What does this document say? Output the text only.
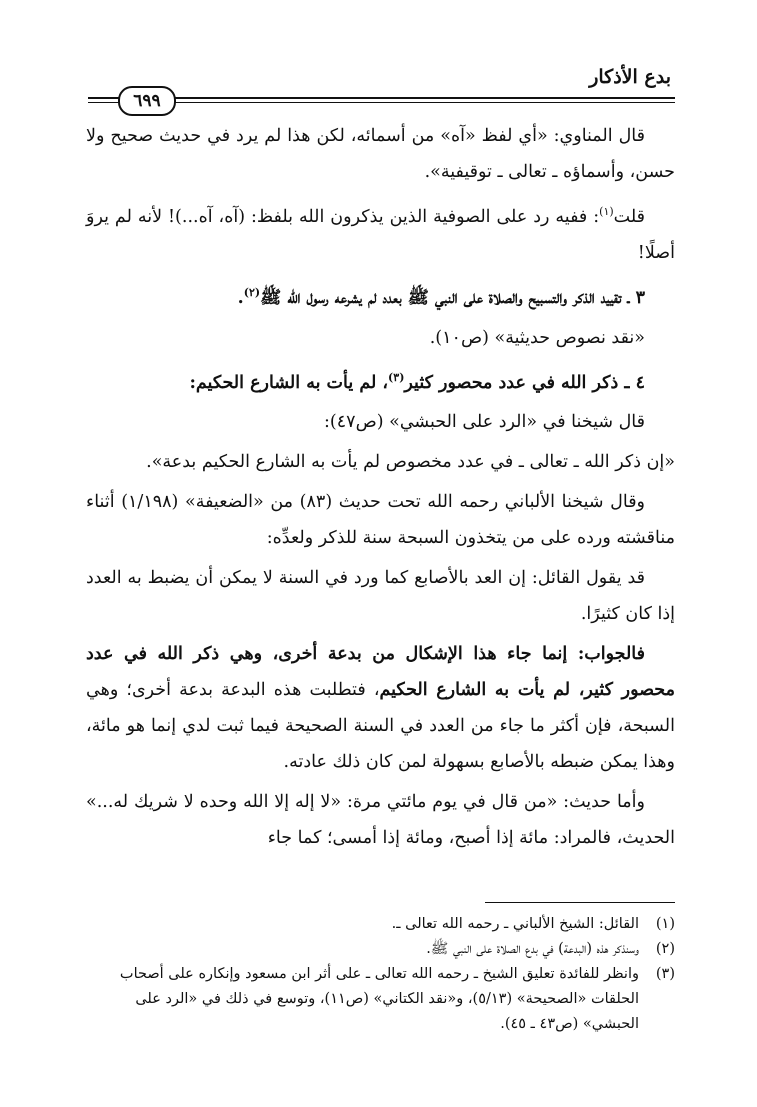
بدع الأذكار
٦٩٩

قال المناوي: «أي لفظ «آه» من أسمائه، لكن هذا لم يرد في حديث صحيح ولا حسن، وأسماؤه ـ تعالى ـ توقيفية».

قلت$^{(١)}$: ففيه رد على الصوفية الذين يذكرون الله بلفظ: (آه، آه...)! لأنه لم يروَ أصلًا!

٣ ـ تقييد الذكر والتسبيح والصلاة على النبي ﷺ بعدد لم يشرعه رسول الله ﷺ$^{(٢)}$.

«نقد نصوص حديثية» (ص١٠).

٤ ـ ذكر الله في عدد محصور كثير$^{(٣)}$، لم يأت به الشارع الحكيم:

قال شيخنا في «الرد على الحبشي» (ص٤٧):

«إن ذكر الله ـ تعالى ـ في عدد مخصوص لم يأت به الشارع الحكيم بدعة».

وقال شيخنا الألباني رحمه الله تحت حديث (٨٣) من «الضعيفة» (١/١٩٨) أثناء مناقشته ورده على من يتخذون السبحة سنة للذكر ولعدِّه:

قد يقول القائل: إن العد بالأصابع كما ورد في السنة لا يمكن أن يضبط به العدد إذا كان كثيرًا.

فالجواب: إنما جاء هذا الإشكال من بدعة أخرى، وهي ذكر الله في عدد محصور كثير، لم يأت به الشارع الحكيم، فتطلبت هذه البدعة بدعة أخرى؛ وهي السبحة، فإن أكثر ما جاء من العدد في السنة الصحيحة فيما ثبت لدي إنما هو مائة، وهذا يمكن ضبطه بالأصابع بسهولة لمن كان ذلك عادته.

وأما حديث: «من قال في يوم مائتي مرة: «لا إله إلا الله وحده لا شريك له...» الحديث، فالمراد: مائة إذا أصبح، ومائة إذا أمسى؛ كما جاء

(١)
القائل: الشيخ الألباني ـ رحمه الله تعالى ـ.
(٢)
وسنذكر هذه (البدعة) في بدع الصلاة على النبي ﷺ.
(٣)
وانظر للفائدة تعليق الشيخ ـ رحمه الله تعالى ـ على أثر ابن مسعود وإنكاره على أصحاب الحلقات «الصحيحة» (٥/١٣)، و«نقد الكتاني» (ص١١)، وتوسع في ذلك في «الرد على الحبشي» (ص٤٣ ـ ٤٥).
